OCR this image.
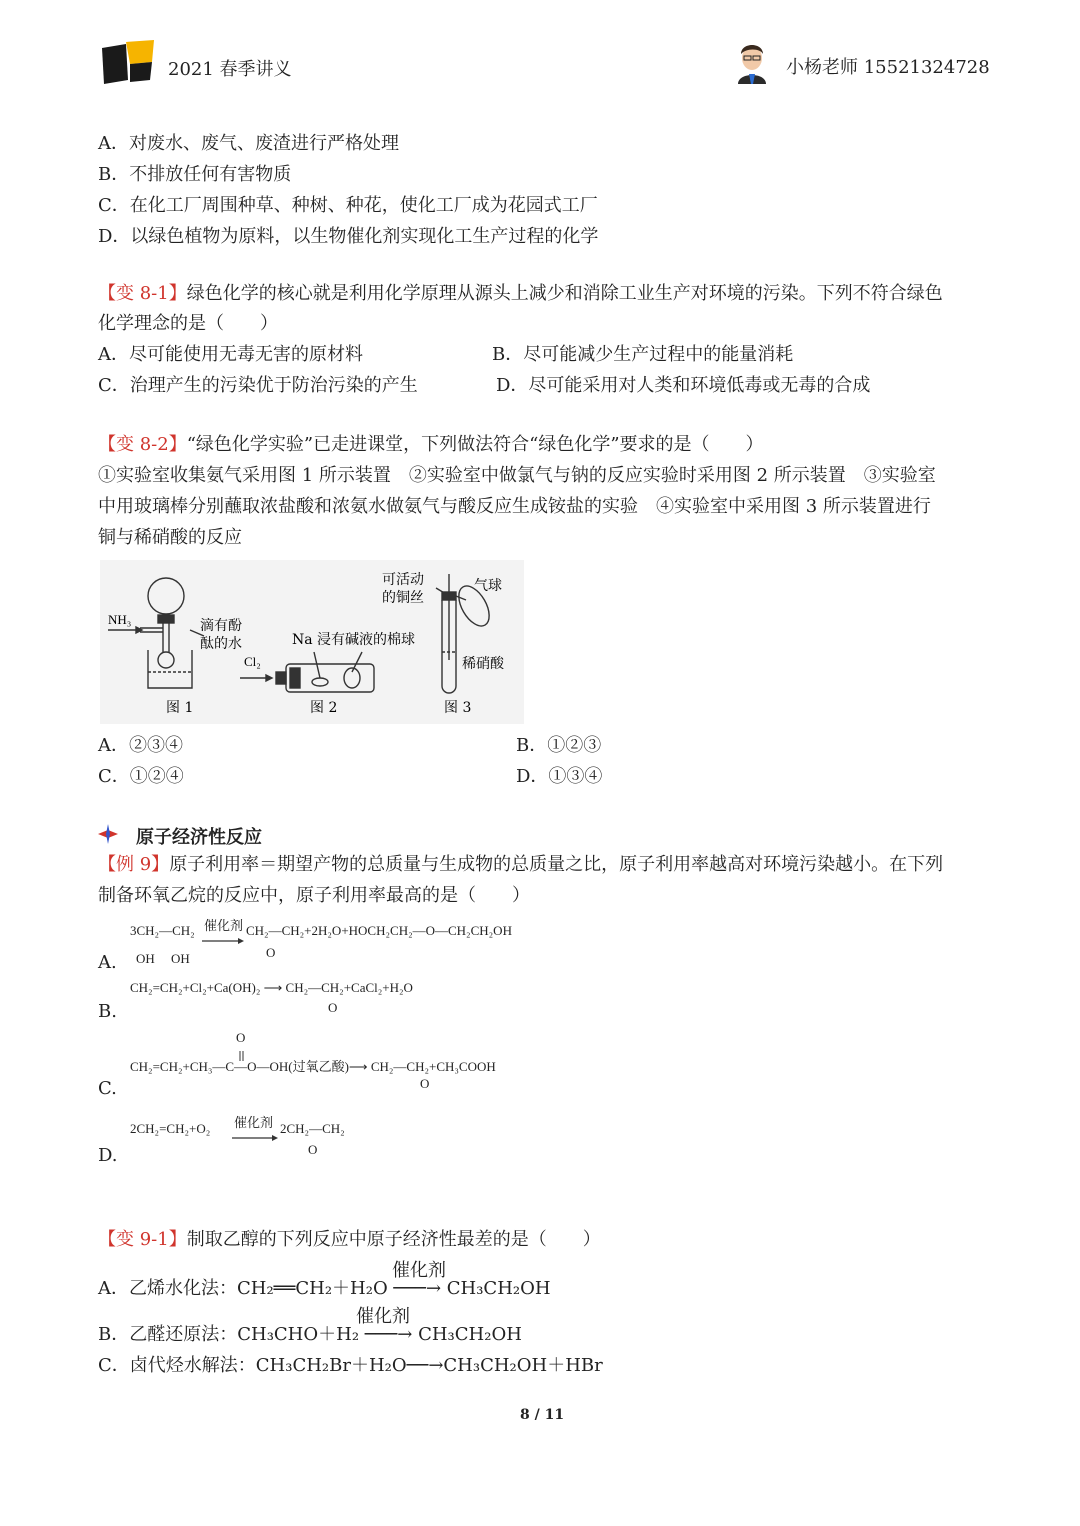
2021 春季讲义	小杨老师 15521324728
A．对废水、废气、废渣进行严格处理
B．不排放任何有害物质
C．在化工厂周围种草、种树、种花，使化工厂成为花园式工厂
D．以绿色植物为原料，以生物催化剂实现化工生产过程的化学
【变 8-1】绿色化学的核心就是利用化学原理从源头上减少和消除工业生产对环境的污染。下列不符合绿色
化学理念的是（　　）
A．尽可能使用无毒无害的原材料	B．尽可能减少生产过程中的能量消耗
C．治理产生的污染优于防治污染的产生	D．尽可能采用对人类和环境低毒或无毒的合成
【变 8-2】“绿色化学实验”已走进课堂，下列做法符合“绿色化学”要求的是（　　）
①实验室收集氨气采用图 1 所示装置　②实验室中做氯气与钠的反应实验时采用图 2 所示装置　③实验室
中用玻璃棒分别蘸取浓盐酸和浓氨水做氨气与酸反应生成铵盐的实验　④实验室中采用图 3 所示装置进行
铜与稀硝酸的反应
NH₃	滴有酚
酞的水
Cl₂
Na 浸有碱液的棉球
可活动
的铜丝
气球
稀硝酸
图 1	图 2	图 3
A．②③④	B．①②③
C．①②④	D．①③④
原子经济性反应
【例 9】原子利用率＝期望产物的总质量与生成物的总质量之比，原子利用率越高对环境污染越小。在下列
制备环氧乙烷的反应中，原子利用率最高的是（　　）
3CH₂—CH₂
OH　 OH
催化剂 CH₂—CH₂+2H₂O+HOCH₂CH₂—O—CH₂CH₂OH
O
A.
CH₂=CH₂+Cl₂+Ca(OH)₂ ⟶ CH₂—CH₂+CaCl₂+H₂O
O
B.
O
CH₂=CH₂+CH₃—C—O—OH(过氧乙酸)⟶ CH₂—CH₂+CH₃COOH
O
C.
2CH₂=CH₂+O₂ 催化剂 2CH₂—CH₂
O
D.
【变 9-1】制取乙醇的下列反应中原子经济性最差的是（　　）
催化剂
A．乙烯水化法：CH₂══CH₂＋H₂O ───→ CH₃CH₂OH
催化剂
B．乙醛还原法：CH₃CHO＋H₂ ───→ CH₃CH₂OH
C．卤代烃水解法：CH₃CH₂Br＋H₂O──→CH₃CH₂OH＋HBr
8 / 11
